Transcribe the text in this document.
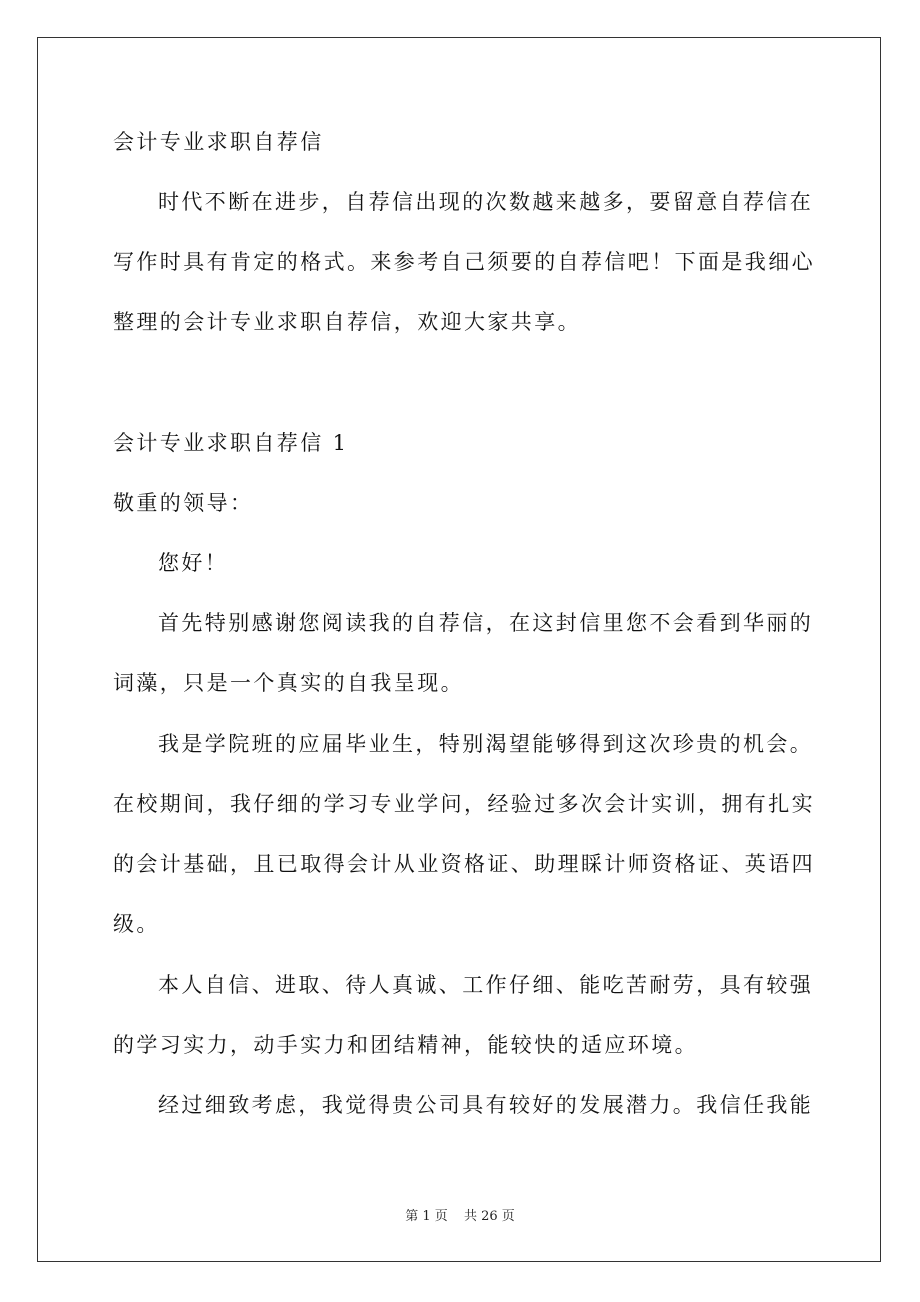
会计专业求职自荐信
时代不断在进步，自荐信出现的次数越来越多，要留意自荐信在
写作时具有肯定的格式。来参考自己须要的自荐信吧！下面是我细心
整理的会计专业求职自荐信，欢迎大家共享。
会计专业求职自荐信 1
敬重的领导：
您好！
首先特别感谢您阅读我的自荐信，在这封信里您不会看到华丽的
词藻，只是一个真实的自我呈现。
我是学院班的应届毕业生，特别渴望能够得到这次珍贵的机会。
在校期间，我仔细的学习专业学问，经验过多次会计实训，拥有扎实
的会计基础，且已取得会计从业资格证、助理睬计师资格证、英语四
级。
本人自信、进取、待人真诚、工作仔细、能吃苦耐劳，具有较强
的学习实力，动手实力和团结精神，能较快的适应环境。
经过细致考虑，我觉得贵公司具有较好的发展潜力。我信任我能
第 1 页 共 26 页
